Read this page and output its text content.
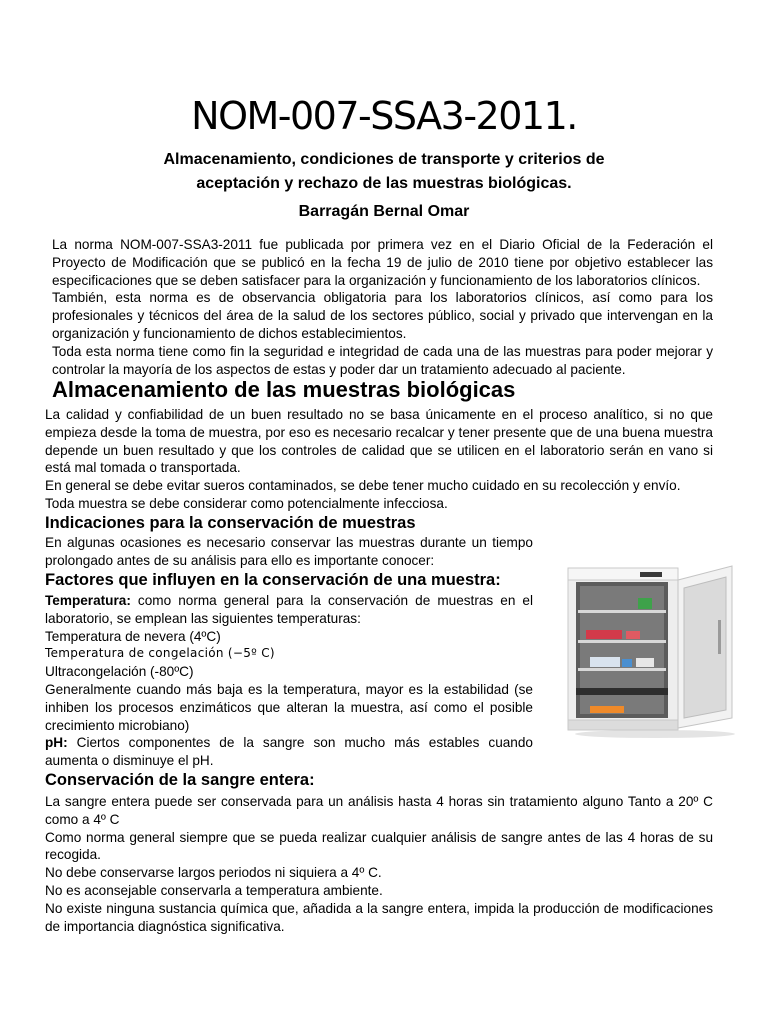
NOM-007-SSA3-2011.
Almacenamiento, condiciones de transporte y criterios de
aceptación y rechazo de las muestras biológicas.
Barragán Bernal Omar
La norma NOM-007-SSA3-2011 fue publicada por primera vez en el Diario Oficial de la Federación el Proyecto de Modificación que se publicó en la fecha 19 de julio de 2010 tiene por objetivo establecer las especificaciones que se deben satisfacer para la organización y funcionamiento de los laboratorios clínicos.
También, esta norma es de observancia obligatoria para los laboratorios clínicos, así como para los profesionales y técnicos del área de la salud de los sectores público, social y privado que intervengan en la organización y funcionamiento de dichos establecimientos.
Toda esta norma tiene como fin la seguridad e integridad de cada una de las muestras para poder mejorar y controlar la mayoría de los aspectos de estas y poder dar un tratamiento adecuado al paciente.
Almacenamiento de las muestras biológicas
La calidad y confiabilidad de un buen resultado no se basa únicamente en el proceso analítico, si no que empieza desde la toma de muestra, por eso es necesario recalcar y tener presente que de una buena muestra depende un buen resultado y que los controles de calidad que se utilicen en el laboratorio serán en vano si está mal tomada o transportada.
En general se debe evitar sueros contaminados, se debe tener mucho cuidado en su recolección y envío.
Toda muestra se debe considerar como potencialmente infecciosa.
Indicaciones para la conservación de muestras
En algunas ocasiones es necesario conservar las muestras durante un tiempo prolongado antes de su análisis para ello es importante conocer:
Factores que influyen en la conservación de una muestra:
Temperatura: como norma general para la conservación de muestras en el laboratorio, se emplean las siguientes temperaturas:
Temperatura de nevera (4ºC)
Temperatura de congelación (−5º C)
Ultracongelación (-80ºC)
Generalmente cuando más baja es la temperatura, mayor es la estabilidad (se inhiben los procesos enzimáticos que alteran la muestra, así como el posible crecimiento microbiano)
pH: Ciertos componentes de la sangre son mucho más estables cuando aumenta o disminuye el pH.
Conservación de la sangre entera:
La sangre entera puede ser conservada para un análisis hasta 4 horas sin tratamiento alguno Tanto a 20º C como a 4º C
Como norma general siempre que se pueda realizar cualquier análisis de sangre antes de las 4 horas de su recogida.
No debe conservarse largos periodos ni siquiera a 4º C.
No es aconsejable conservarla a temperatura ambiente.
No existe ninguna sustancia química que, añadida a la sangre entera, impida la producción de modificaciones de importancia diagnóstica significativa.
